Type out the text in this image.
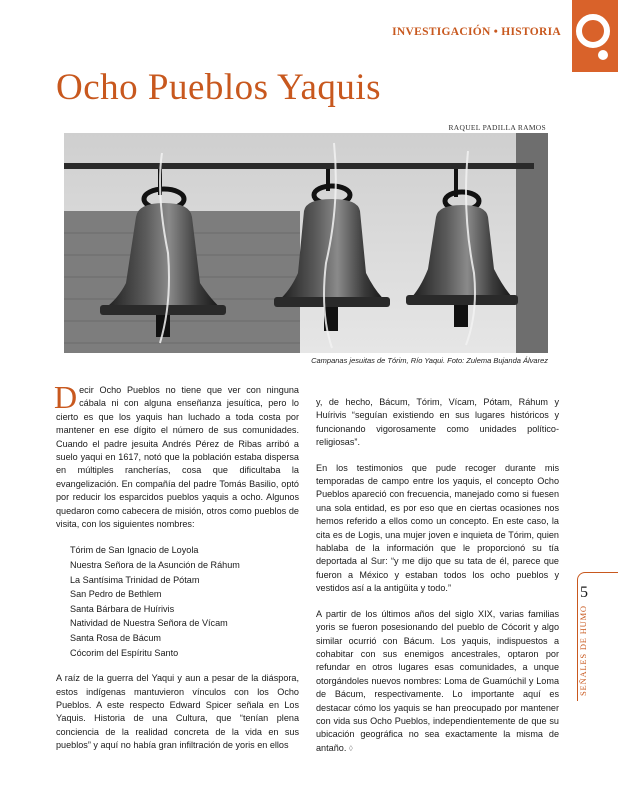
INVESTIGACIÓN • HISTORIA
Ocho Pueblos Yaquis
RAQUEL PADILLA RAMOS
Campanas jesuitas de Tórim, Río Yaqui. Foto: Zulema Bujanda Álvarez

Decir Ocho Pueblos no tiene que ver con ninguna cábala ni con alguna enseñanza jesuítica, pero lo cierto es que los yaquis han luchado a toda costa por mantener en ese dígito el número de sus comunidades. Cuando el padre jesuita Andrés Pérez de Ribas arribó a suelo yaqui en 1617, notó que la población estaba dispersa en múltiples rancherías, cosa que dificultaba la evangelización. En compañía del padre Tomás Basilio, optó por reducir los esparcidos pueblos yaquis a ocho. Algunos quedaron como cabecera de misión, otros como pueblos de visita, con los siguientes nombres:

Tórim de San Ignacio de Loyola
Nuestra Señora de la Asunción de Ráhum
La Santísima Trinidad de Pótam
San Pedro de Bethlem
Santa Bárbara de Huírivis
Natividad de Nuestra Señora de Vícam
Santa Rosa de Bácum
Cócorim del Espíritu Santo

A raíz de la guerra del Yaqui y aun a pesar de la diáspora, estos indígenas mantuvieron vínculos con los Ocho Pueblos. A este respecto Edward Spicer señala en Los Yaquis. Historia de una Cultura, que “tenían plena conciencia de la realidad concreta de la vida en sus pueblos” y aquí no había gran infiltración de yoris en ellos

y, de hecho, Bácum, Tórim, Vícam, Pótam, Ráhum y Huírivis “seguían existiendo en sus lugares históricos y funcionando vigorosamente como unidades político-religiosas”.

En los testimonios que pude recoger durante mis temporadas de campo entre los yaquis, el concepto Ocho Pueblos apareció con frecuencia, manejado como si fuesen una sola entidad, es por eso que en ciertas ocasiones nos hemos referido a ellos como un concepto. En este caso, la cita es de Logis, una mujer joven e inquieta de Tórim, quien hablaba de la información que le proporcionó su tía deportada al Sur: “y me dijo que su tata de él, parece que fueron a México y estaban todos los ocho pueblos y vestidos así a la antigüita y todo.”

A partir de los últimos años del siglo XIX, varias familias yoris se fueron posesionando del pueblo de Cócorit y algo similar ocurrió con Bácum. Los yaquis, indispuestos a cohabitar con sus enemigos ancestrales, optaron por refundar en otros lugares esas comunidades, a unque otorgándoles nuevos nombres: Loma de Guamúchil y Loma de Bácum, respectivamente. Lo importante aquí es destacar cómo los yaquis se han preocupado por mantener con vida sus Ocho Pueblos, independientemente de que su ubicación geográfica no sea exactamente la misma de antaño. ◊

5
SEÑALES DE HUMO
